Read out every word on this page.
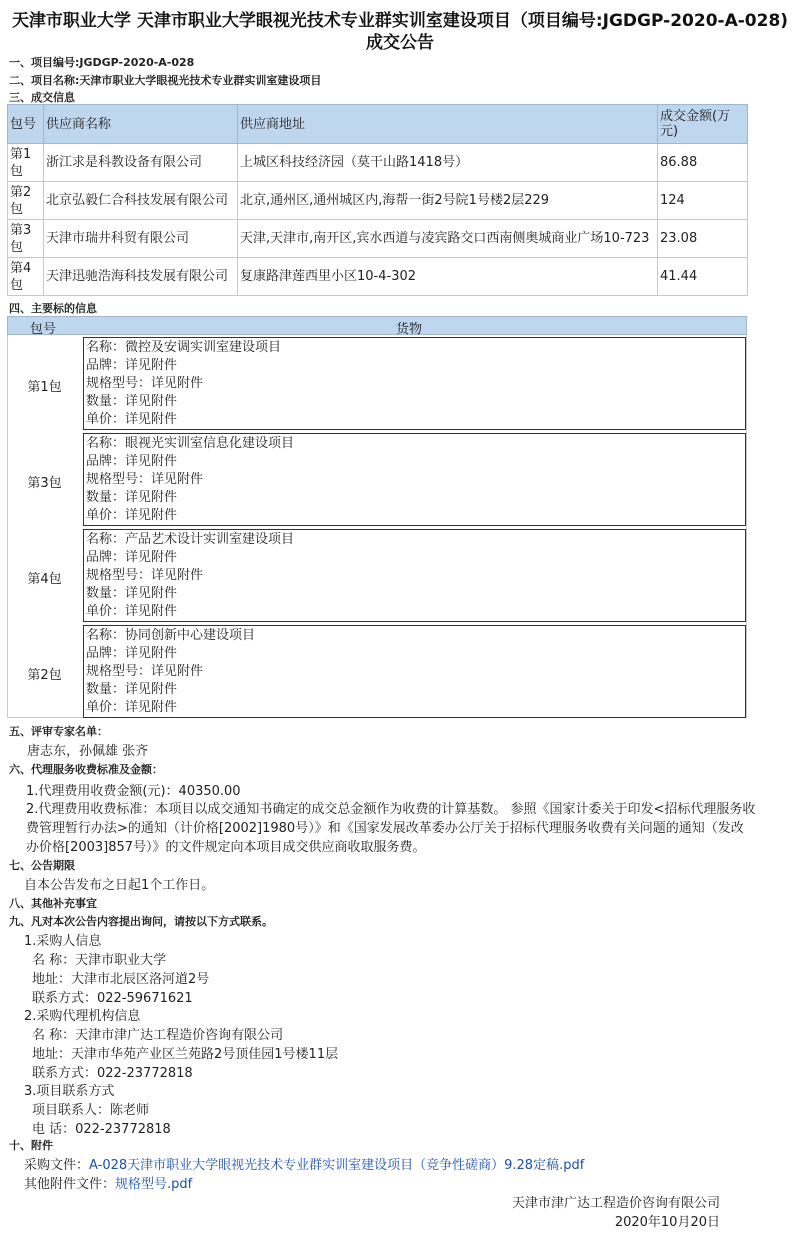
天津市职业大学 天津市职业大学眼视光技术专业群实训室建设项目（项目编号:JGDGP-2020-A-028)成交公告
一、项目编号:JGDGP-2020-A-028
二、项目名称:天津市职业大学眼视光技术专业群实训室建设项目
三、成交信息
包号	供应商名称	供应商地址	成交金额(万元)
第1包	浙江求是科教设备有限公司	上城区科技经济园（莫干山路1418号）	86.88
第2包	北京弘毅仁合科技发展有限公司	北京,通州区,通州城区内,海帮一街2号院1号楼2层229	124
第3包	天津市瑞井科贸有限公司	天津,天津市,南开区,宾水西道与凌宾路交口西南侧奥城商业广场10-723	23.08
第4包	天津迅驰浩海科技发展有限公司	复康路津莲西里小区10-4-302	41.44
四、主要标的信息
包号	货物
第1包
名称：微控及安调实训室建设项目
品牌：详见附件
规格型号：详见附件
数量：详见附件
单价：详见附件
第3包
名称：眼视光实训室信息化建设项目
品牌：详见附件
规格型号：详见附件
数量：详见附件
单价：详见附件
第4包
名称：产品艺术设计实训室建设项目
品牌：详见附件
规格型号：详见附件
数量：详见附件
单价：详见附件
第2包
名称：协同创新中心建设项目
品牌：详见附件
规格型号：详见附件
数量：详见附件
单价：详见附件
五、评审专家名单：
唐志东，孙佩雄 张齐
六、代理服务收费标准及金额：
1.代理费用收费金额(元)：40350.00
2.代理费用收费标准：本项目以成交通知书确定的成交总金额作为收费的计算基数。 参照《国家计委关于印发<招标代理服务收费管理暂行办法>的通知（计价格[2002]1980号）》和《国家发展改革委办公厅关于招标代理服务收费有关问题的通知（发改办价格[2003]857号）》的文件规定向本项目成交供应商收取服务费。
七、公告期限
自本公告发布之日起1个工作日。
八、其他补充事宜
九、凡对本次公告内容提出询问，请按以下方式联系。
1.采购人信息
名 称：天津市职业大学
地址：大津市北辰区洛河道2号
联系方式：022-59671621
2.采购代理机构信息
名 称：天津市津广达工程造价咨询有限公司
地址：天津市华苑产业区兰苑路2号顶佳园1号楼11层
联系方式：022-23772818
3.项目联系方式
项目联系人：陈老师
电 话：022-23772818
十、附件
采购文件：A-028天津市职业大学眼视光技术专业群实训室建设项目（竞争性磋商）9.28定稿.pdf
其他附件文件：规格型号.pdf
天津市津广达工程造价咨询有限公司
2020年10月20日
